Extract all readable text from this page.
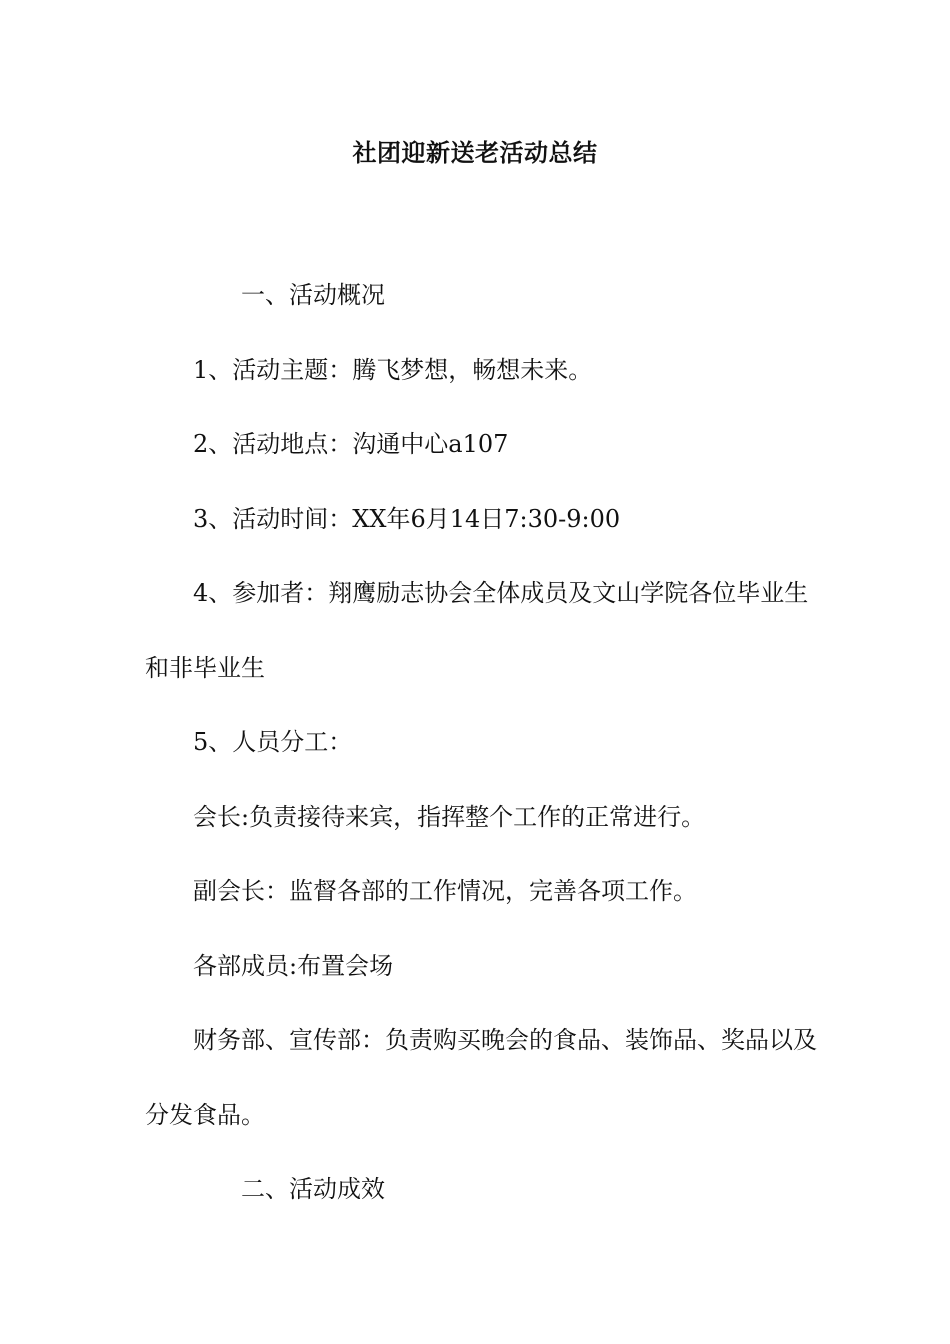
社团迎新送老活动总结

一、活动概况

1、活动主题：腾飞梦想，畅想未来。

2、活动地点：沟通中心a107

3、活动时间：XX年6月14日7:30-9:00

4、参加者：翔鹰励志协会全体成员及文山学院各位毕业生和非毕业生

5、人员分工：

会长:负责接待来宾，指挥整个工作的正常进行。

副会长：监督各部的工作情况，完善各项工作。

各部成员:布置会场

财务部、宣传部：负责购买晚会的食品、装饰品、奖品以及分发食品。

二、活动成效
